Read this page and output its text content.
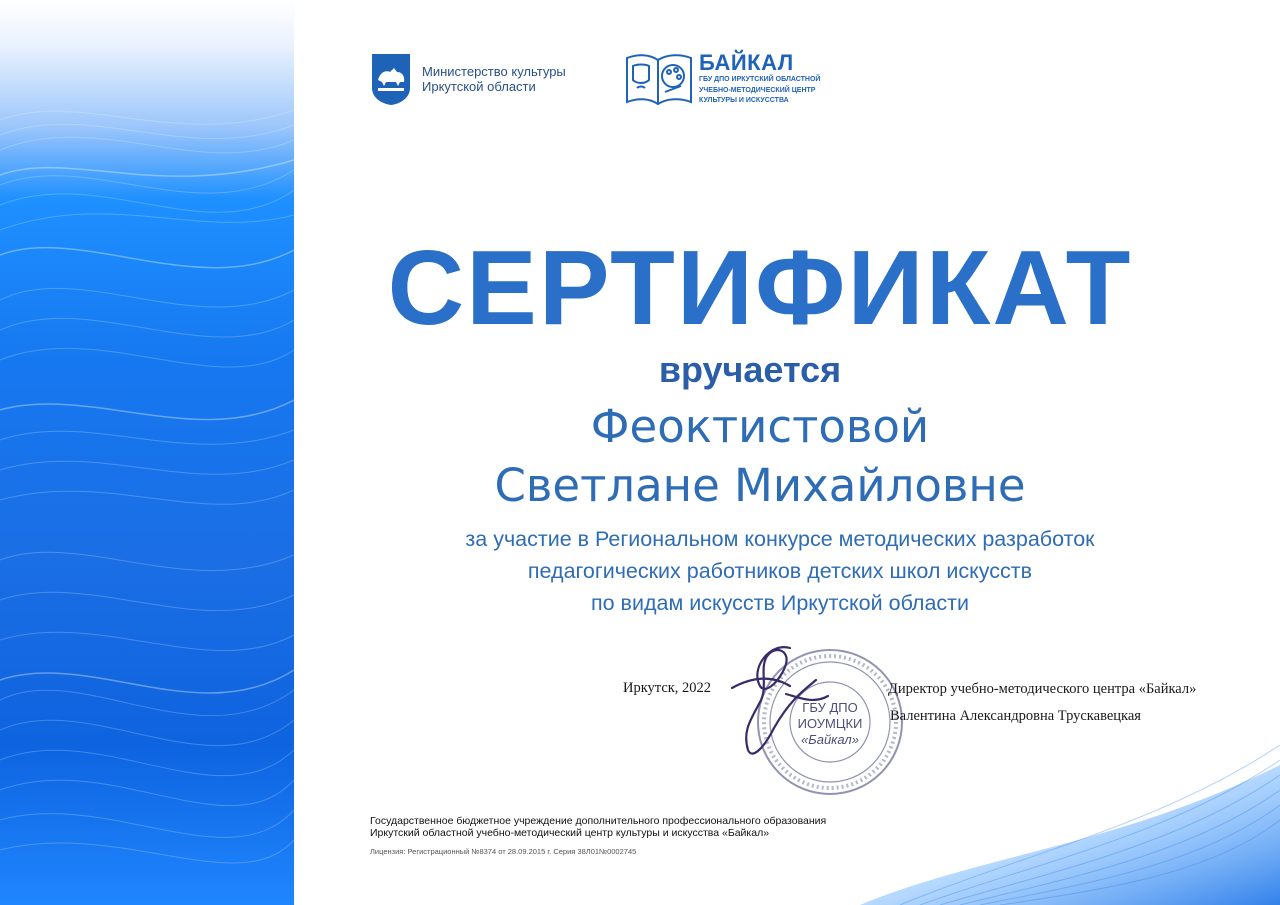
Министерство культуры
Иркутской области
БАЙКАЛ
ГБУ ДПО ИРКУТСКИЙ ОБЛАСТНОЙ
УЧЕБНО-МЕТОДИЧЕСКИЙ ЦЕНТР
КУЛЬТУРЫ И ИСКУССТВА
СЕРТИФИКАТ
вручается
Феоктистовой
Светлане Михайловне
за участие в Региональном конкурсе методических разработок
педагогических работников детских школ искусств
по видам искусств Иркутской области
ГБУ ДПО
ИОУМЦКИ
«Байкал»
Иркутск, 2022	Директор учебно-методического центра «Байкал»
Валентина Александровна Трускавецкая
Государственное бюджетное учреждение дополнительного профессионального образования
Иркутский областной учебно-методический центр культуры и искусства «Байкал»
Лицензия: Регистрационный №8374 от 28.09.2015 г. Серия 38Л01№0002745
